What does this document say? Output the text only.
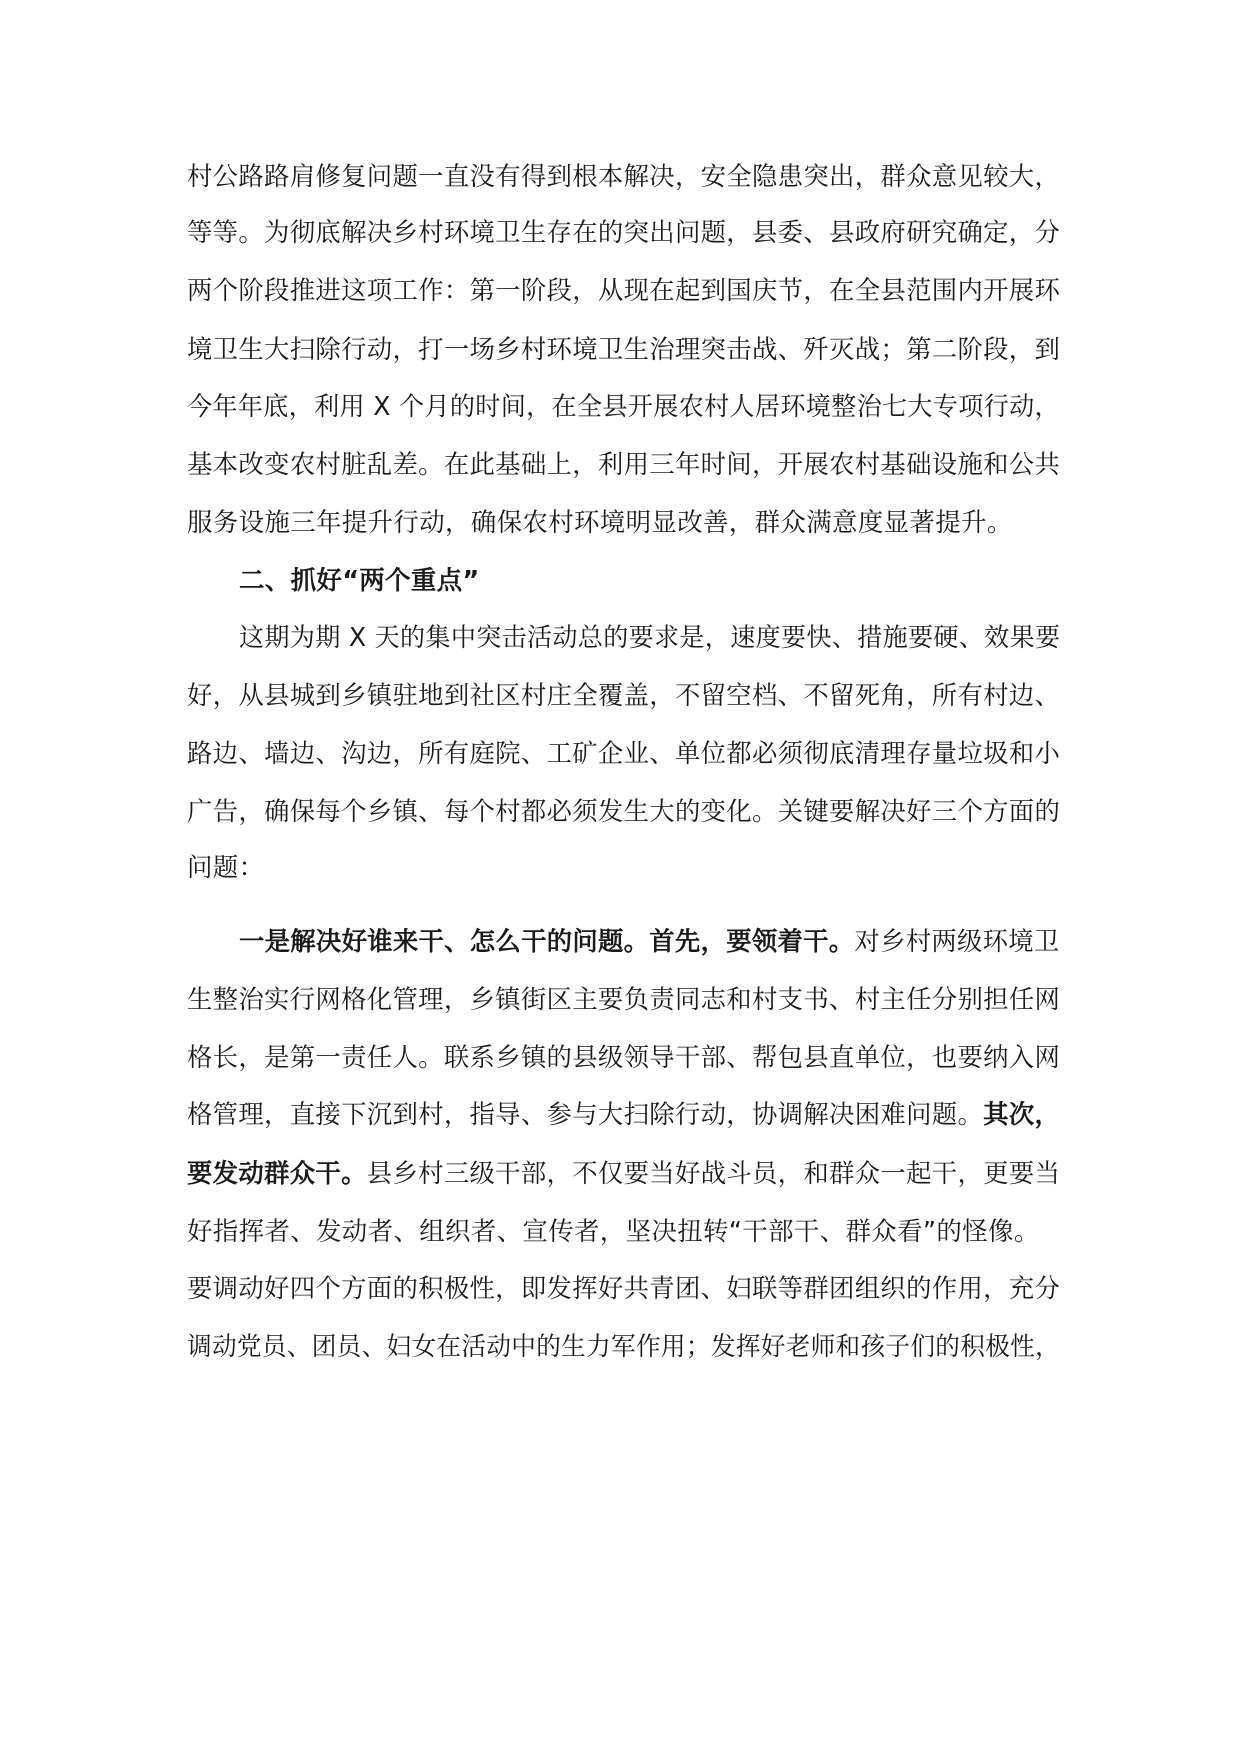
村公路路肩修复问题一直没有得到根本解决，安全隐患突出，群众意见较大，
等等。为彻底解决乡村环境卫生存在的突出问题，县委、县政府研究确定，分
两个阶段推进这项工作：第一阶段，从现在起到国庆节，在全县范围内开展环
境卫生大扫除行动，打一场乡村环境卫生治理突击战、歼灭战；第二阶段，到
今年年底，利用 X 个月的时间，在全县开展农村人居环境整治七大专项行动，
基本改变农村脏乱差。在此基础上，利用三年时间，开展农村基础设施和公共
服务设施三年提升行动，确保农村环境明显改善，群众满意度显著提升。
二、抓好“两个重点”
这期为期 X 天的集中突击活动总的要求是，速度要快、措施要硬、效果要
好，从县城到乡镇驻地到社区村庄全覆盖，不留空档、不留死角，所有村边、
路边、墙边、沟边，所有庭院、工矿企业、单位都必须彻底清理存量垃圾和小
广告，确保每个乡镇、每个村都必须发生大的变化。关键要解决好三个方面的
问题：
一是解决好谁来干、怎么干的问题。首先，要领着干。对乡村两级环境卫
生整治实行网格化管理，乡镇街区主要负责同志和村支书、村主任分别担任网
格长，是第一责任人。联系乡镇的县级领导干部、帮包县直单位，也要纳入网
格管理，直接下沉到村，指导、参与大扫除行动，协调解决困难问题。其次，
要发动群众干。县乡村三级干部，不仅要当好战斗员，和群众一起干，更要当
好指挥者、发动者、组织者、宣传者，坚决扭转“干部干、群众看”的怪像。
要调动好四个方面的积极性，即发挥好共青团、妇联等群团组织的作用，充分
调动党员、团员、妇女在活动中的生力军作用；发挥好老师和孩子们的积极性，
